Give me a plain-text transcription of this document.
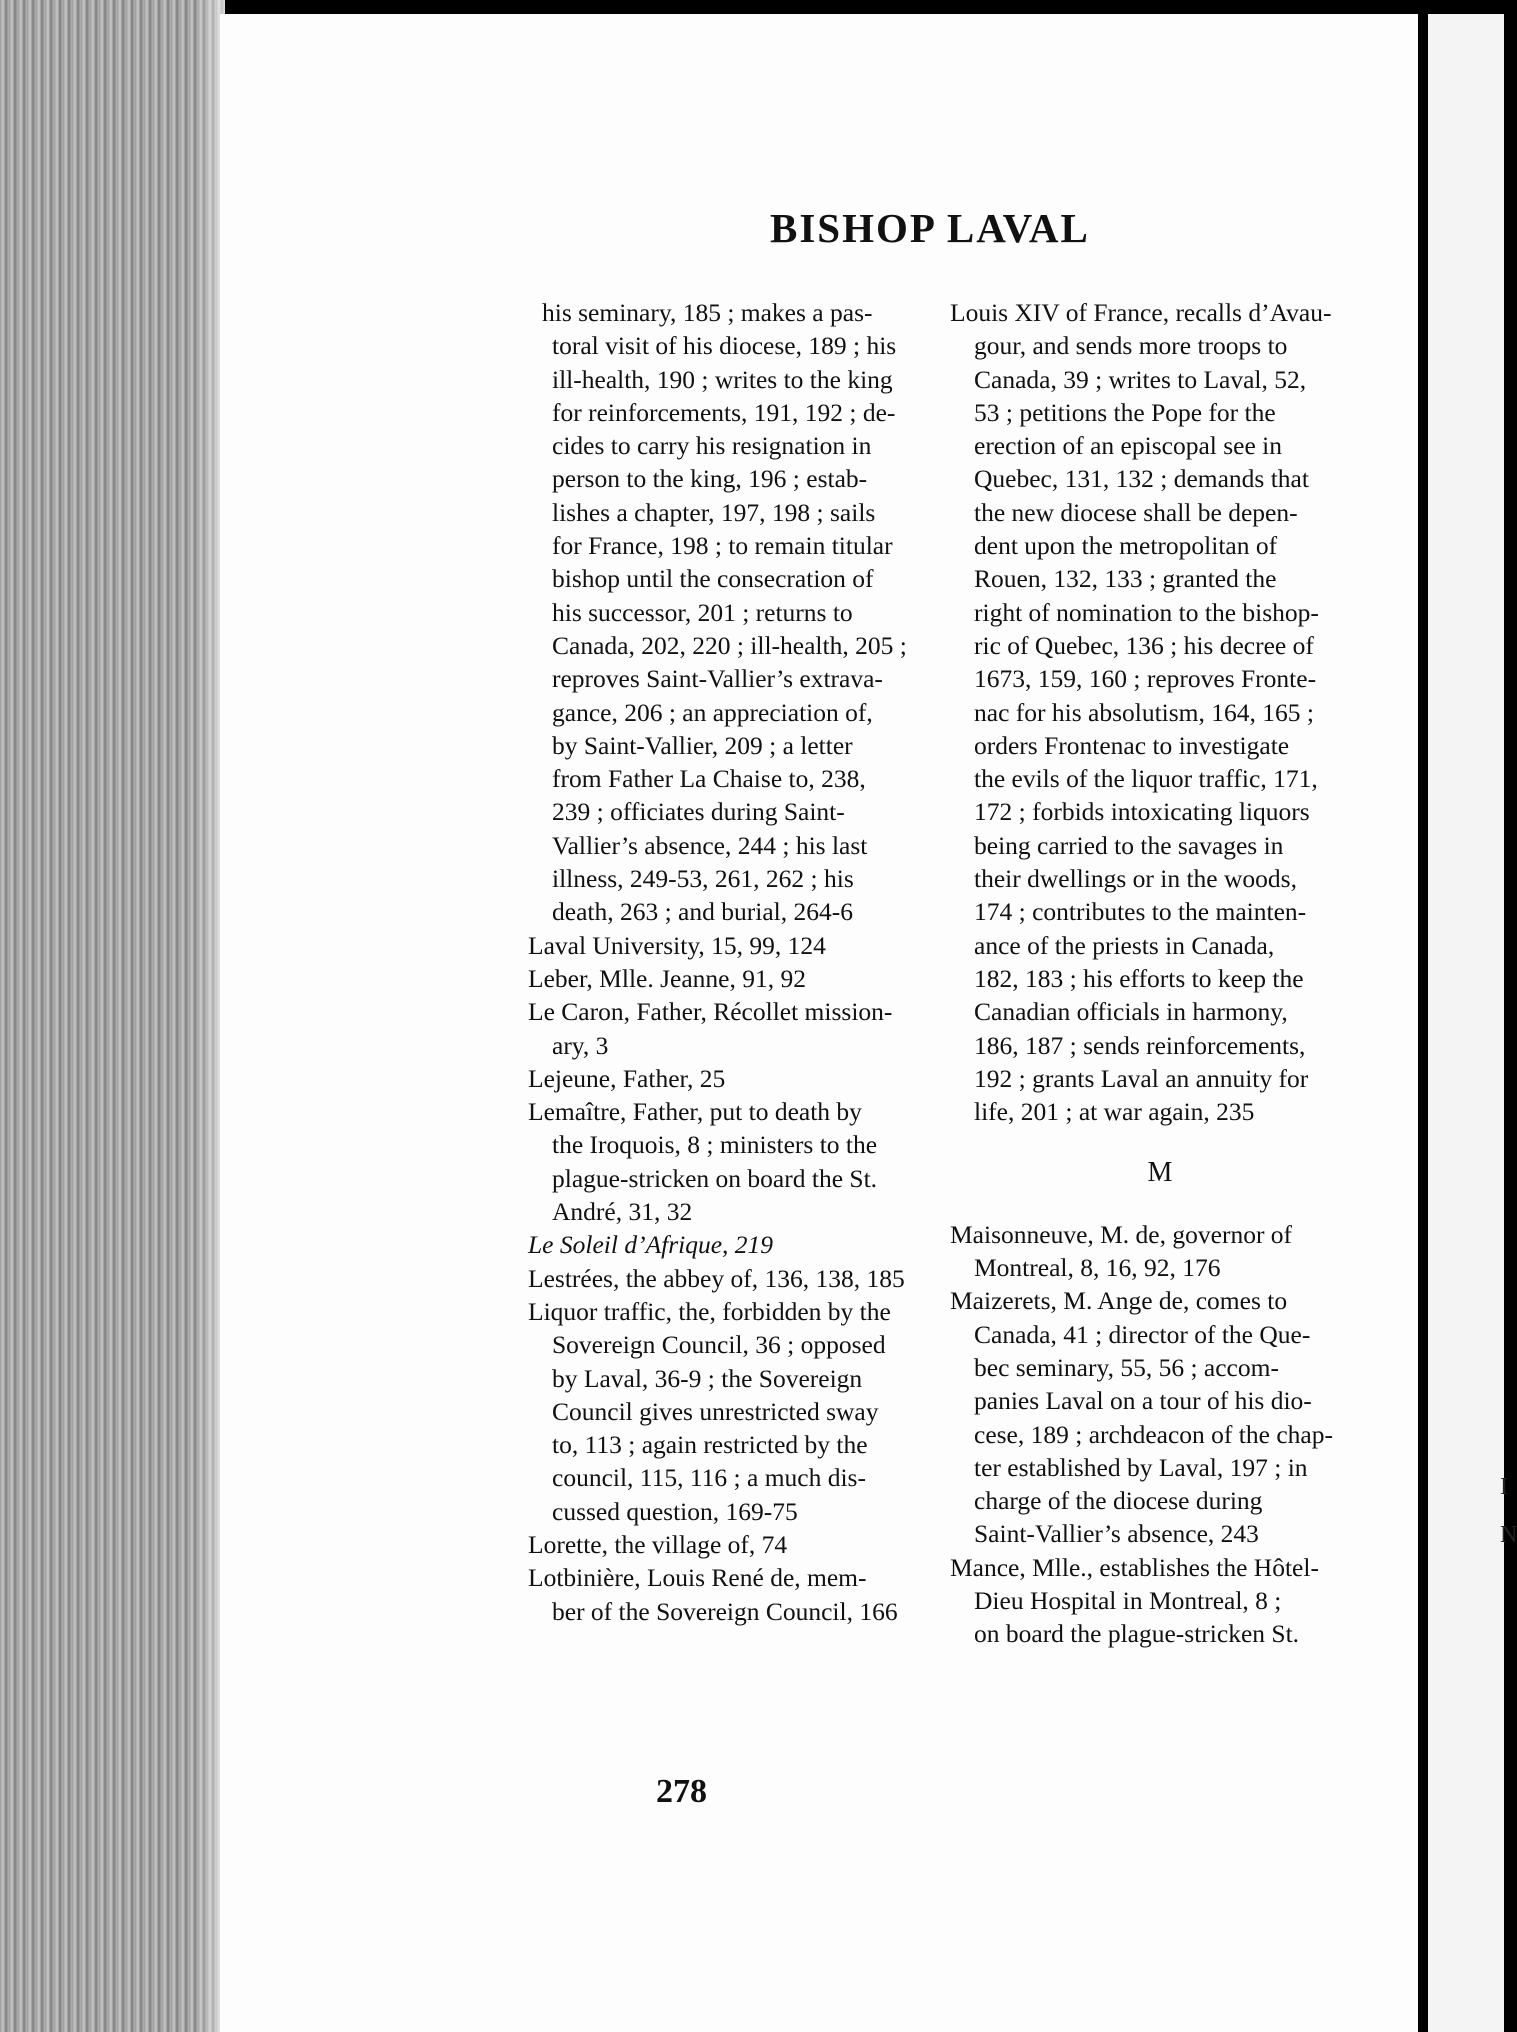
I
N
BISHOP LAVAL
his seminary, 185 ; makes a pas-
toral visit of his diocese, 189 ; his
ill-health, 190 ; writes to the king
for reinforcements, 191, 192 ; de-
cides to carry his resignation in
person to the king, 196 ; estab-
lishes a chapter, 197, 198 ; sails
for France, 198 ; to remain titular
bishop until the consecration of
his successor, 201 ; returns to
Canada, 202, 220 ; ill-health, 205 ;
reproves Saint-Vallier’s extrava-
gance, 206 ; an appreciation of,
by Saint-Vallier, 209 ; a letter
from Father La Chaise to, 238,
239 ; officiates during Saint-
Vallier’s absence, 244 ; his last
illness, 249-53, 261, 262 ; his
death, 263 ; and burial, 264-6
Laval University, 15, 99, 124
Leber, Mlle. Jeanne, 91, 92
Le Caron, Father, Récollet mission-
ary, 3
Lejeune, Father, 25
Lemaître, Father, put to death by
the Iroquois, 8 ; ministers to the
plague-stricken on board the St.
André, 31, 32
Le Soleil d’Afrique, 219
Lestrées, the abbey of, 136, 138, 185
Liquor traffic, the, forbidden by the
Sovereign Council, 36 ; opposed
by Laval, 36-9 ; the Sovereign
Council gives unrestricted sway
to, 113 ; again restricted by the
council, 115, 116 ; a much dis-
cussed question, 169-75
Lorette, the village of, 74
Lotbinière, Louis René de, mem-
ber of the Sovereign Council, 166
278
Louis XIV of France, recalls d’Avau-
gour, and sends more troops to
Canada, 39 ; writes to Laval, 52,
53 ; petitions the Pope for the
erection of an episcopal see in
Quebec, 131, 132 ; demands that
the new diocese shall be depen-
dent upon the metropolitan of
Rouen, 132, 133 ; granted the
right of nomination to the bishop-
ric of Quebec, 136 ; his decree of
1673, 159, 160 ; reproves Fronte-
nac for his absolutism, 164, 165 ;
orders Frontenac to investigate
the evils of the liquor traffic, 171,
172 ; forbids intoxicating liquors
being carried to the savages in
their dwellings or in the woods,
174 ; contributes to the mainten-
ance of the priests in Canada,
182, 183 ; his efforts to keep the
Canadian officials in harmony,
186, 187 ; sends reinforcements,
192 ; grants Laval an annuity for
life, 201 ; at war again, 235
M
Maisonneuve, M. de, governor of
Montreal, 8, 16, 92, 176
Maizerets, M. Ange de, comes to
Canada, 41 ; director of the Que-
bec seminary, 55, 56 ; accom-
panies Laval on a tour of his dio-
cese, 189 ; archdeacon of the chap-
ter established by Laval, 197 ; in
charge of the diocese during
Saint-Vallier’s absence, 243
Mance, Mlle., establishes the Hôtel-
Dieu Hospital in Montreal, 8 ;
on board the plague-stricken St.
